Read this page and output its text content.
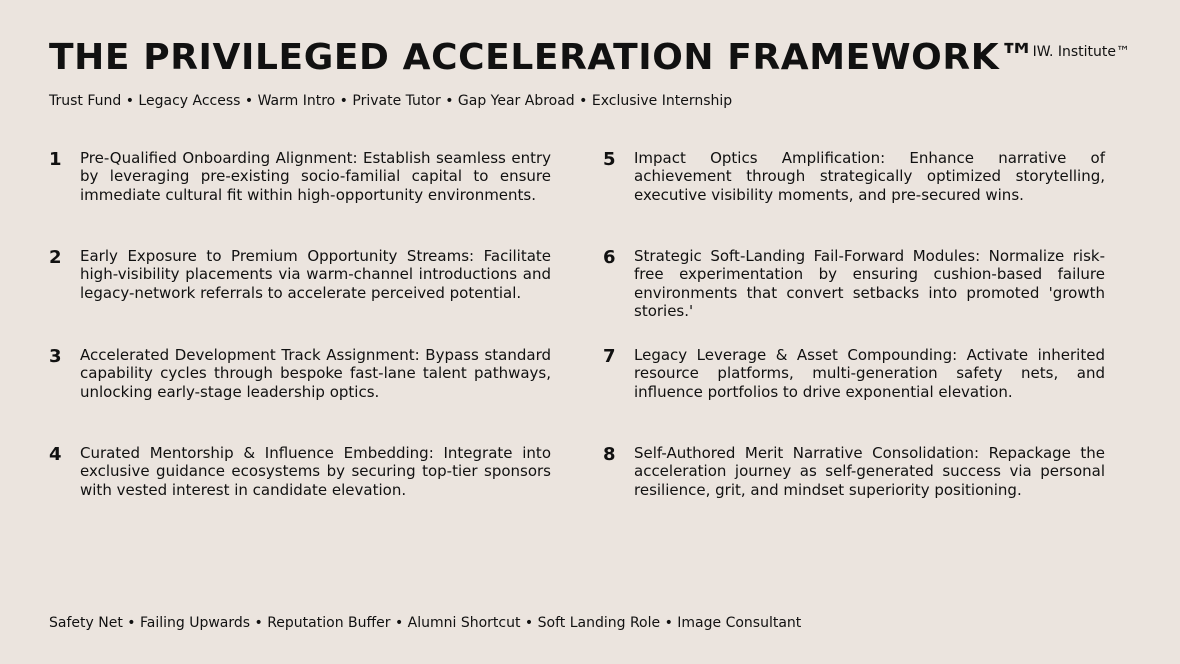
THE PRIVILEGED ACCELERATION FRAMEWORK™
IW. Institute™
Trust Fund • Legacy Access • Warm Intro • Private Tutor • Gap Year Abroad • Exclusive Internship
1	Pre-Qualified Onboarding Alignment: Establish seamless entry by leveraging pre-existing socio-familial capital to ensure immediate cultural fit within high-opportunity environments.
2	Early Exposure to Premium Opportunity Streams: Facilitate high-visibility placements via warm-channel introductions and legacy-network referrals to accelerate perceived potential.
3	Accelerated Development Track Assignment: Bypass standard capability cycles through bespoke fast-lane talent pathways, unlocking early-stage leadership optics.
4	Curated Mentorship & Influence Embedding: Integrate into exclusive guidance ecosystems by securing top-tier sponsors with vested interest in candidate elevation.
5	Impact Optics Amplification: Enhance narrative of achievement through strategically optimized storytelling, executive visibility moments, and pre-secured wins.
6	Strategic Soft-Landing Fail-Forward Modules: Normalize risk-free experimentation by ensuring cushion-based failure environments that convert setbacks into promoted 'growth stories.'
7	Legacy Leverage & Asset Compounding: Activate inherited resource platforms, multi-generation safety nets, and influence portfolios to drive exponential elevation.
8	Self-Authored Merit Narrative Consolidation: Repackage the acceleration journey as self-generated success via personal resilience, grit, and mindset superiority positioning.
Safety Net • Failing Upwards • Reputation Buffer • Alumni Shortcut • Soft Landing Role • Image Consultant
